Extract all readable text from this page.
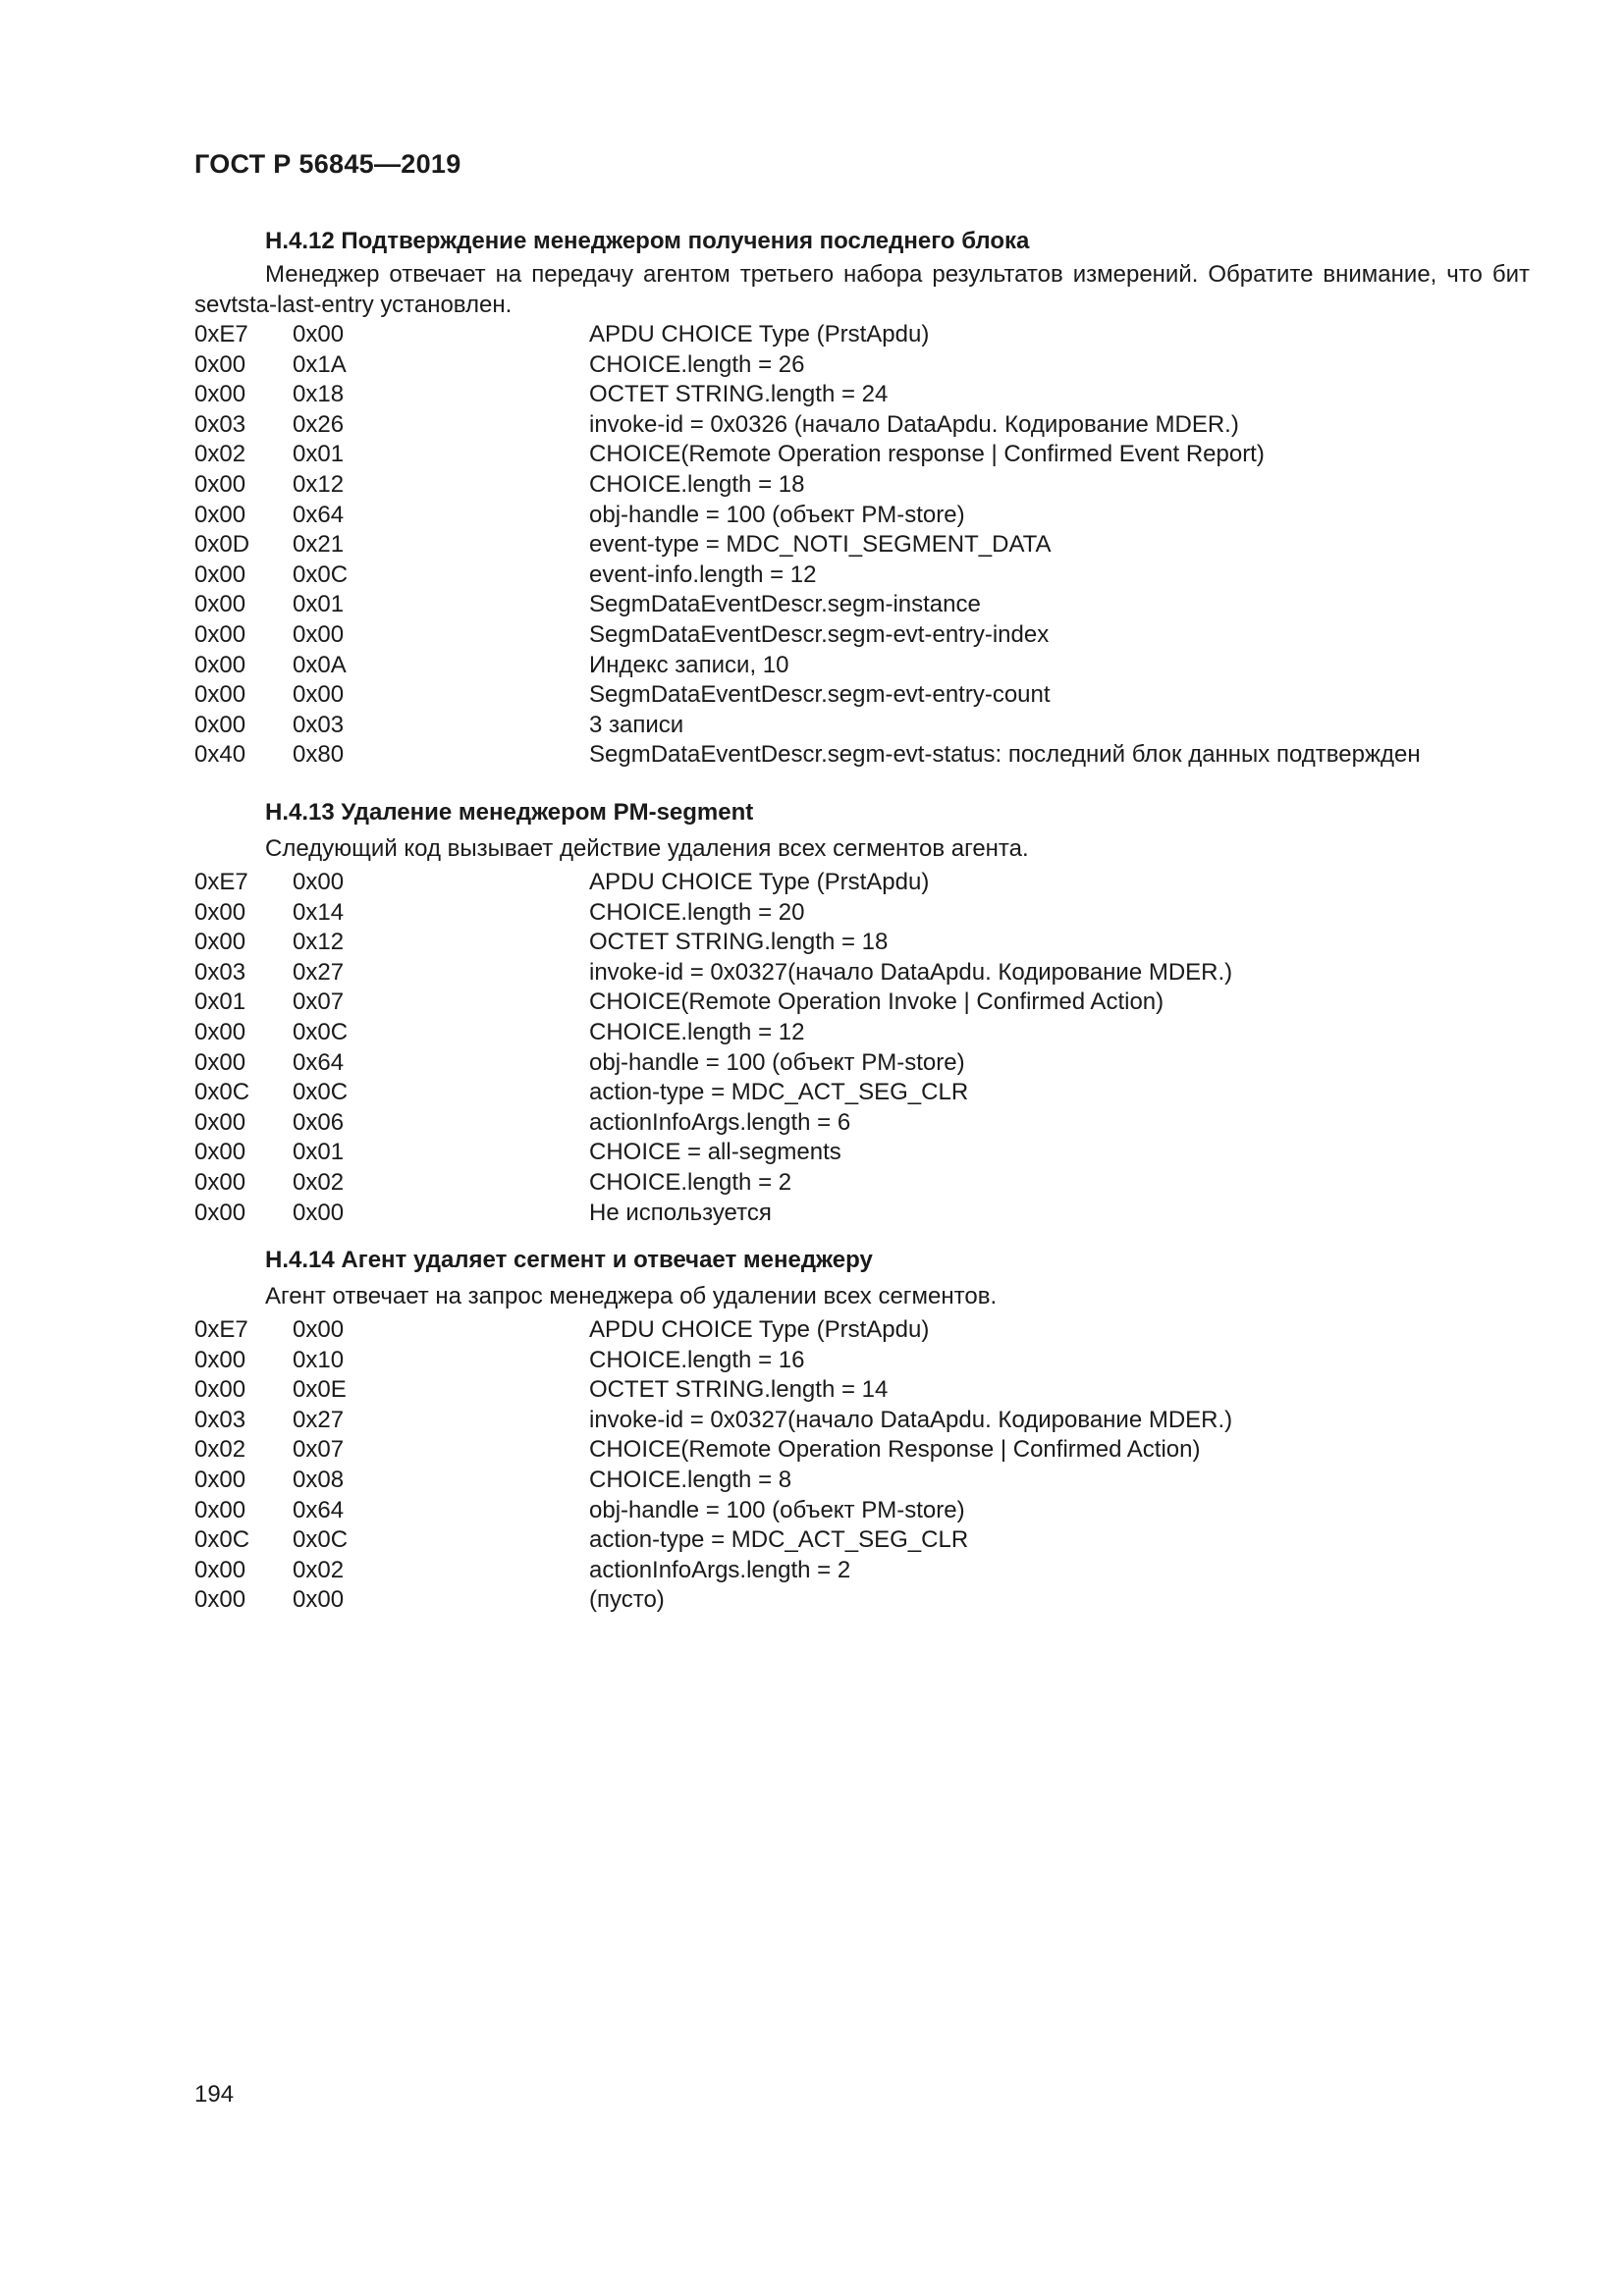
ГОСТ Р 56845—2019
H.4.12 Подтверждение менеджером получения последнего блока

Менеджер отвечает на передачу агентом третьего набора результатов измерений. Обратите внимание, что бит sevtsta-last-entry установлен.

0xE7	0x00	APDU CHOICE Type (PrstApdu)
0x00	0x1A	CHOICE.length = 26
0x00	0x18	OCTET STRING.length = 24
0x03	0x26	invoke-id = 0x0326 (начало DataApdu. Кодирование MDER.)
0x02	0x01	CHOICE(Remote Operation response | Confirmed Event Report)
0x00	0x12	CHOICE.length = 18
0x00	0x64	obj-handle = 100 (объект PM-store)
0x0D	0x21	event-type = MDC_NOTI_SEGMENT_DATA
0x00	0x0C	event-info.length = 12
0x00	0x01	SegmDataEventDescr.segm-instance
0x00	0x00	SegmDataEventDescr.segm-evt-entry-index
0x00	0x0A	Индекс записи, 10
0x00	0x00	SegmDataEventDescr.segm-evt-entry-count
0x00	0x03	3 записи
0x40	0x80	SegmDataEventDescr.segm-evt-status: последний блок данных подтвержден
H.4.13 Удаление менеджером PM-segment

Следующий код вызывает действие удаления всех сегментов агента.

0xE7	0x00	APDU CHOICE Type (PrstApdu)
0x00	0x14	CHOICE.length = 20
0x00	0x12	OCTET STRING.length = 18
0x03	0x27	invoke-id = 0x0327(начало DataApdu. Кодирование MDER.)
0x01	0x07	CHOICE(Remote Operation Invoke | Confirmed Action)
0x00	0x0C	CHOICE.length = 12
0x00	0x64	obj-handle = 100 (объект PM-store)
0x0C	0x0C	action-type = MDC_ACT_SEG_CLR
0x00	0x06	actionInfoArgs.length = 6
0x00	0x01	CHOICE = all-segments
0x00	0x02	CHOICE.length = 2
0x00	0x00	Не используется
H.4.14 Агент удаляет сегмент и отвечает менеджеру

Агент отвечает на запрос менеджера об удалении всех сегментов.

0xE7	0x00	APDU CHOICE Type (PrstApdu)
0x00	0x10	CHOICE.length = 16
0x00	0x0E	OCTET STRING.length = 14
0x03	0x27	invoke-id = 0x0327(начало DataApdu. Кодирование MDER.)
0x02	0x07	CHOICE(Remote Operation Response | Confirmed Action)
0x00	0x08	CHOICE.length = 8
0x00	0x64	obj-handle = 100 (объект PM-store)
0x0C	0x0C	action-type = MDC_ACT_SEG_CLR
0x00	0x02	actionInfoArgs.length = 2
0x00	0x00	(пусто)

194
